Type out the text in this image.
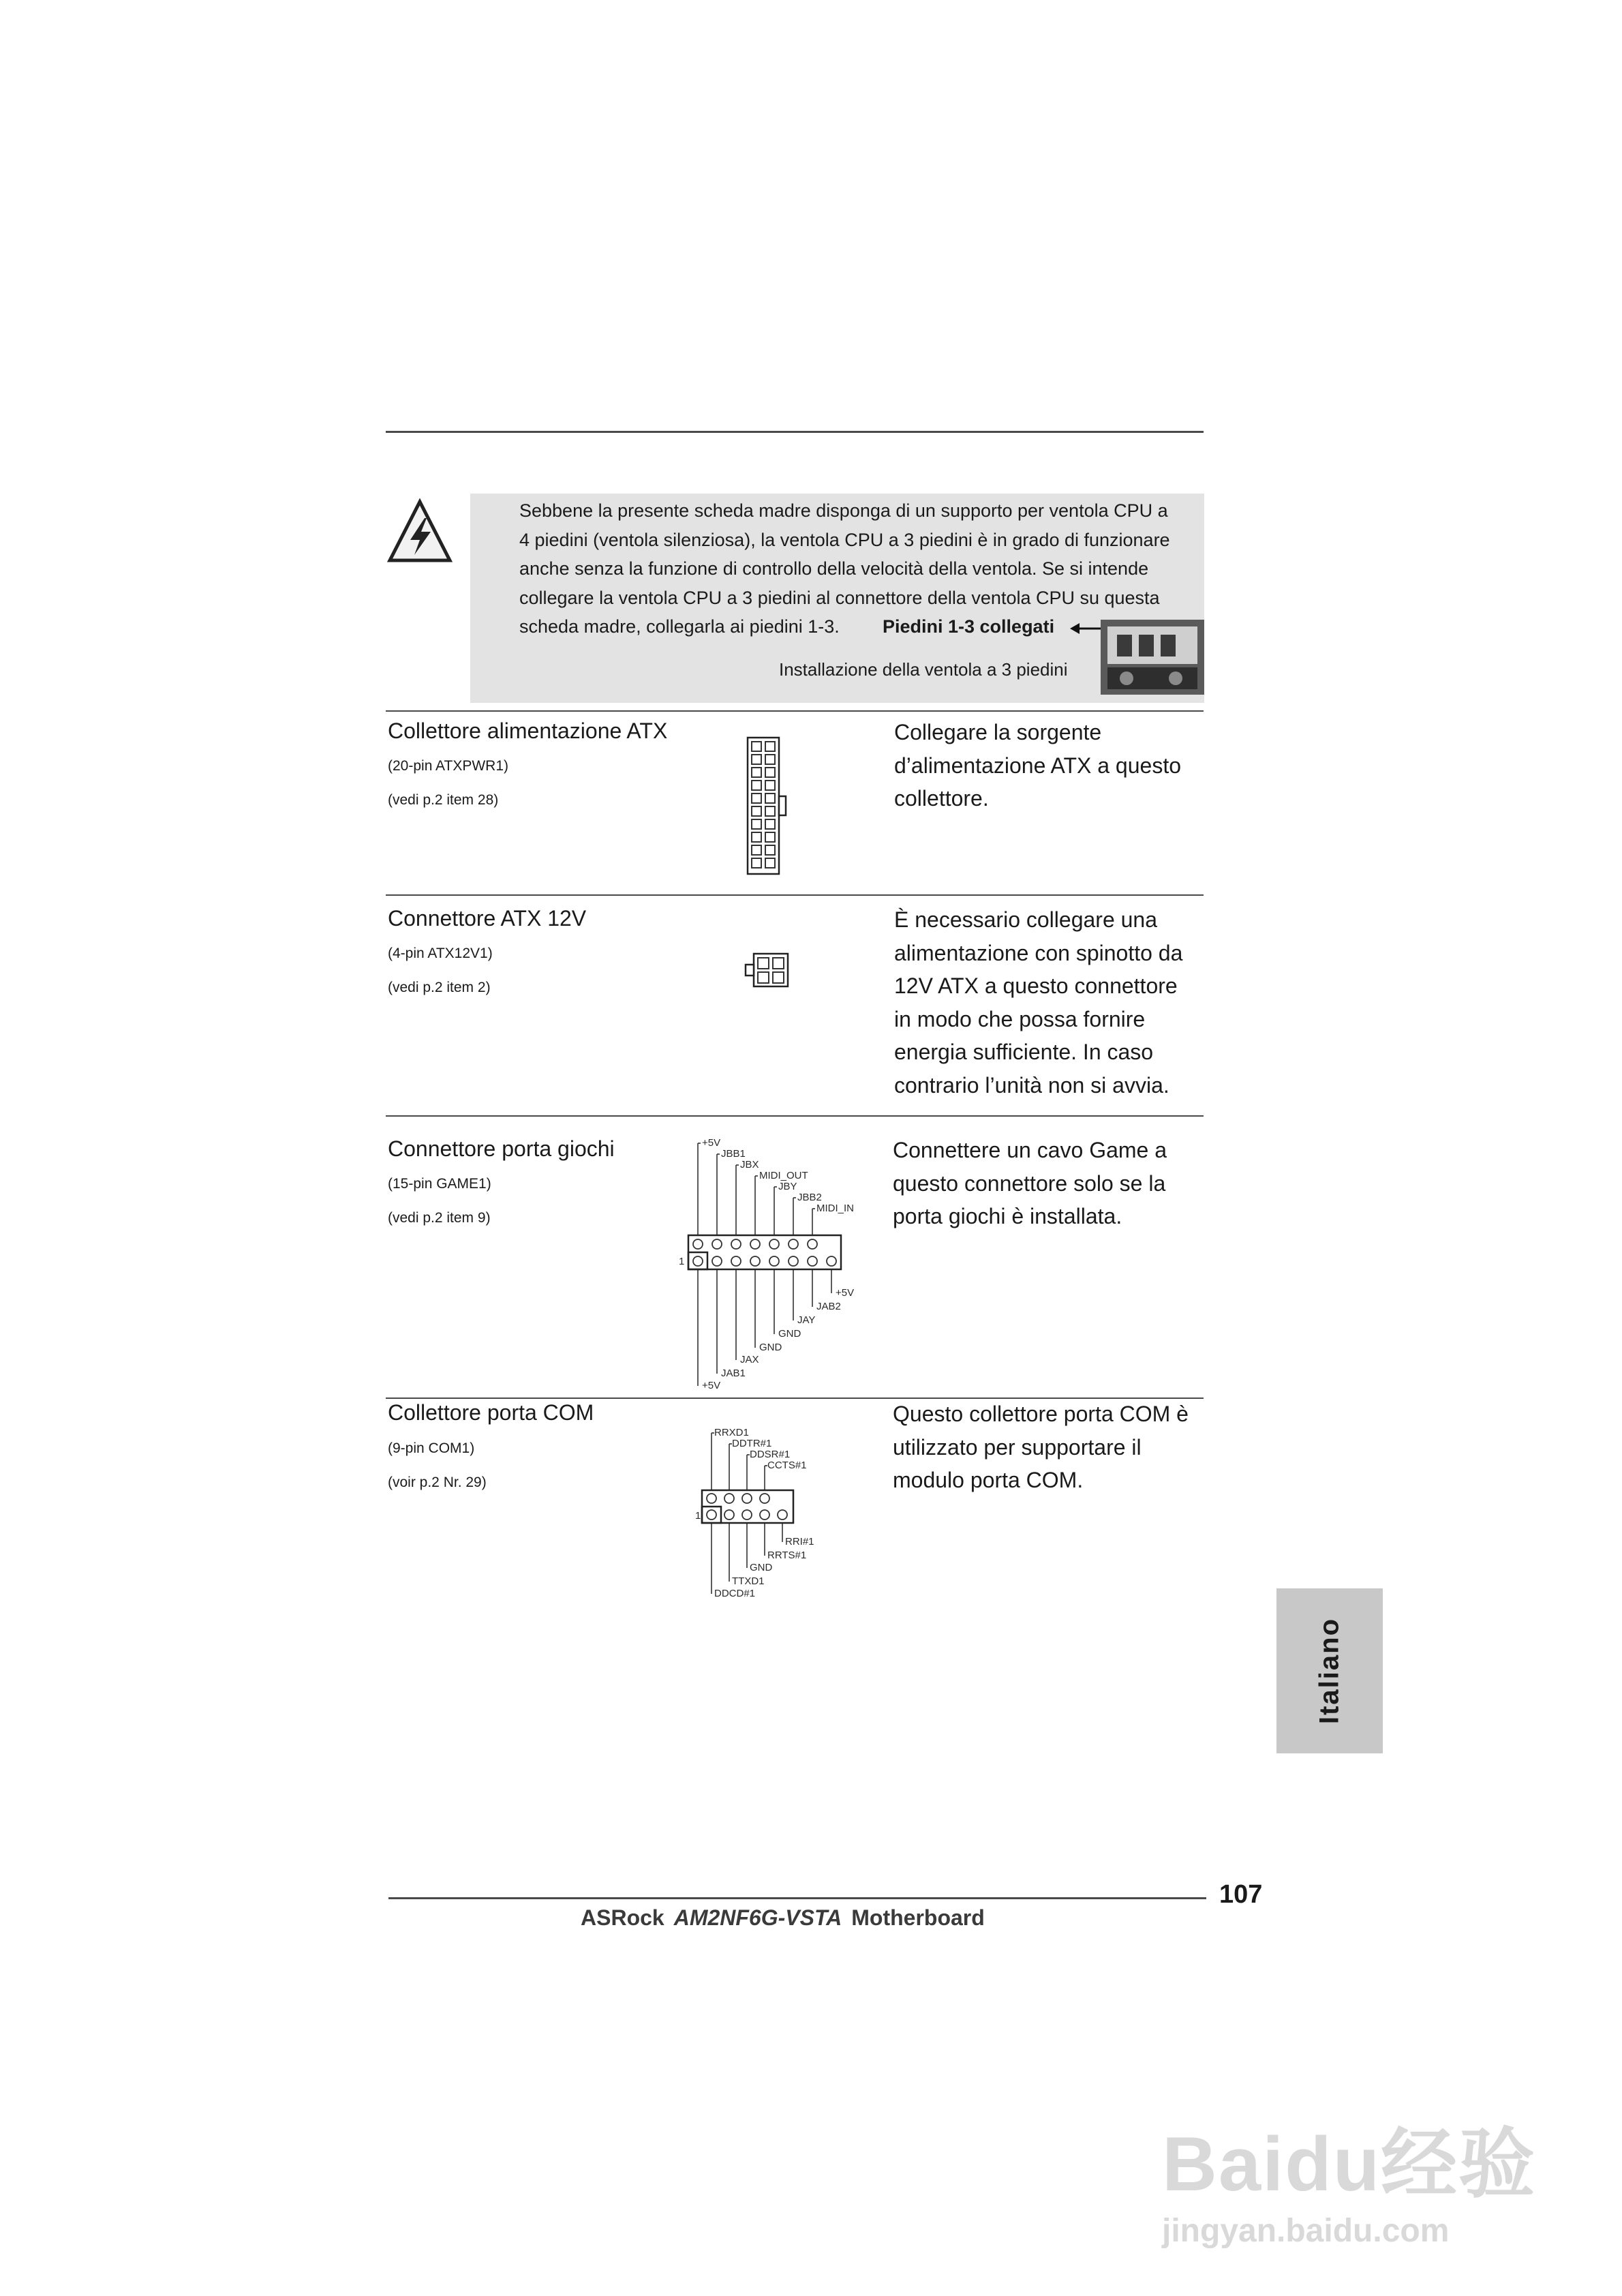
Sebbene la presente scheda madre disponga di un supporto per ventola CPU a
4 piedini (ventola silenziosa), la ventola CPU a 3 piedini è in grado di funzionare
anche senza la funzione di controllo della velocità della ventola. Se si intende
collegare la ventola CPU a 3 piedini al connettore della ventola CPU su questa
scheda madre, collegarla ai piedini 1-3.	Piedini 1-3 collegati
Installazione della ventola a 3 piedini
Collettore alimentazione ATX
(20-pin ATXPWR1)
(vedi p.2 item 28)
Collegare la sorgente
d’alimentazione ATX a questo
collettore.
Connettore ATX 12V
(4-pin ATX12V1)
(vedi p.2 item 2)
È necessario collegare una
alimentazione con spinotto da
12V ATX a questo connettore
in modo che possa fornire
energia sufficiente. In caso
contrario l’unità non si avvia.
Connettore porta giochi
(15-pin GAME1)
(vedi p.2 item 9)
Connettere un cavo Game a
questo connettore solo se la
porta giochi è installata.
+5V
JBB1
JBX
MIDI_OUT
JBY
JBB2
MIDI_IN
1
+5V
JAB2
JAY
GND
GND
JAX
JAB1
+5V
Collettore porta COM
(9-pin COM1)
(voir p.2 Nr. 29)
Questo collettore porta COM è
utilizzato per supportare il
modulo porta COM.
RRXD1
DDTR#1
DDSR#1
CCTS#1
1
RRI#1
RRTS#1
GND
TTXD1
DDCD#1
Italiano
107
ASRock AM2NF6G-VSTA Motherboard
Baidu经验
jingyan.baidu.com
